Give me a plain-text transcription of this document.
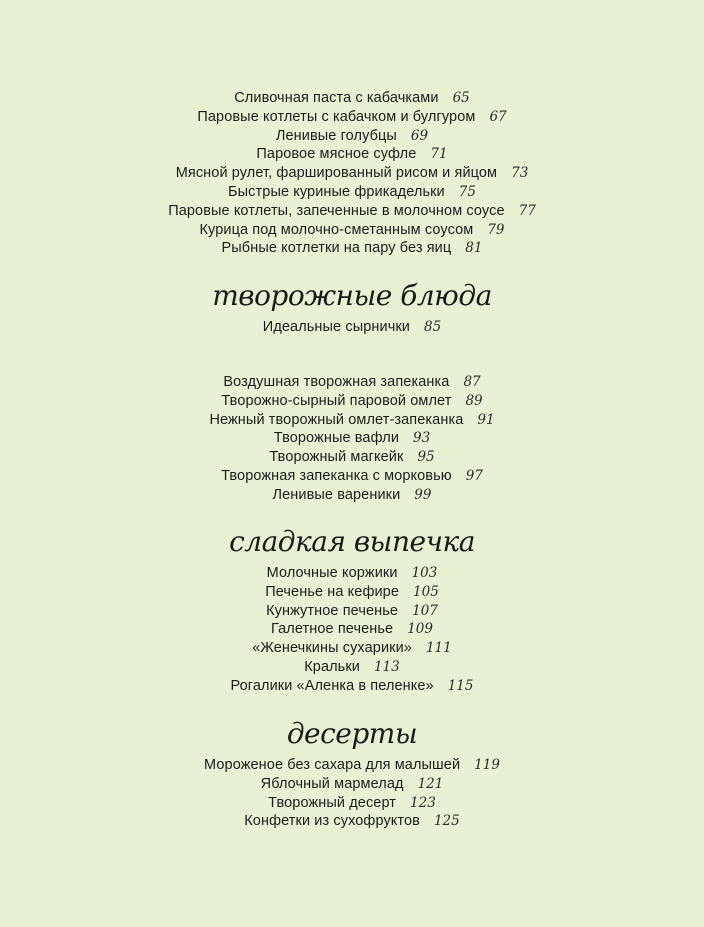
Сливочная паста с кабачками 65
Паровые котлеты с кабачком и булгуром 67
Ленивые голубцы 69
Паровое мясное суфле 71
Мясной рулет, фаршированный рисом и яйцом 73
Быстрые куриные фрикадельки 75
Паровые котлеты, запеченные в молочном соусе 77
Курица под молочно-сметанным соусом 79
Рыбные котлетки на пару без яиц 81
творожные блюда
Идеальные сырнички 85
Воздушная творожная запеканка 87
Творожно-сырный паровой омлет 89
Нежный творожный омлет-запеканка 91
Творожные вафли 93
Творожный магкейк 95
Творожная запеканка с морковью 97
Ленивые вареники 99
сладкая выпечка
Молочные коржики 103
Печенье на кефире 105
Кунжутное печенье 107
Галетное печенье 109
«Женечкины сухарики» 111
Кральки 113
Рогалики «Аленка в пеленке» 115
десерты
Мороженое без сахара для малышей 119
Яблочный мармелад 121
Творожный десерт 123
Конфетки из сухофруктов 125
